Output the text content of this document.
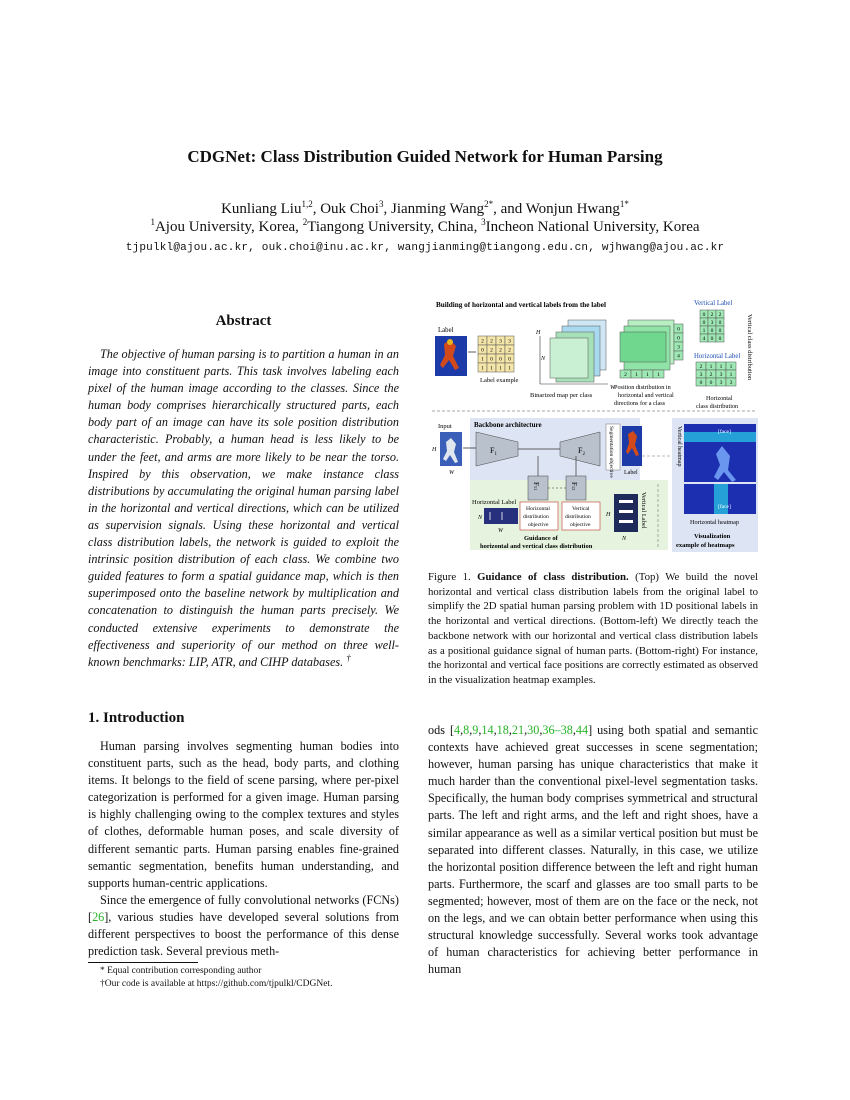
CDGNet: Class Distribution Guided Network for Human Parsing
Kunliang Liu$^{1,2}$, Ouk Choi$^3$, Jianming Wang$^{2*}$, and Wonjun Hwang$^{1*}$
$^1$Ajou University, Korea, $^2$Tiangong University, China, $^3$Incheon National University, Korea
tjpulkl@ajou.ac.kr, ouk.choi@inu.ac.kr, wangjianming@tiangong.edu.cn, wjhwang@ajou.ac.kr
Abstract

The objective of human parsing is to partition a human in an image into constituent parts. This task involves labeling each pixel of the human image according to the classes. Since the human body comprises hierarchically structured parts, each body part of an image can have its sole position distribution characteristic. Probably, a human head is less likely to be under the feet, and arms are more likely to be near the torso. Inspired by this observation, we make instance class distributions by accumulating the original human parsing label in the horizontal and vertical directions, which can be utilized as supervision signals. Using these horizontal and vertical class distribution labels, the network is guided to exploit the intrinsic position distribution of each class. We combine two guided features to form a spatial guidance map, which is then superimposed onto the baseline network by multiplication and concatenation to distinguish the human parts precisely. We conducted extensive experiments to demonstrate the effectiveness and superiority of our method on three well-known benchmarks: LIP, ATR, and CIHP databases. †

1. Introduction

Human parsing involves segmenting human bodies into constituent parts, such as the head, body parts, and clothing items. It belongs to the field of scene parsing, where per-pixel categorization is performed for a given image. Human parsing is highly challenging owing to the complex textures and styles of clothes, deformable human poses, and scale diversity of different semantic parts. Human parsing enables fine-grained semantic segmentation, benefits human understanding, and supports human-centric applications.

Since the emergence of fully convolutional networks (FCNs) [26], various studies have developed several solutions from different perspectives to boost the performance of this dense prediction task. Several previous meth-

* Equal contribution corresponding author
†Our code is available at https://github.com/tjpulkl/CDGNet.
Building of horizontal and vertical labels from the label
Label
2 2 3 3
0 2 2 2
1 0 0 0
1 1 1 1
Label example
H
N
W
Binarized map per class
2 1 1 1
0
0
3
4
Position distribution in
horizontal and vertical
directions for a class
Vertical Label
0 2 2
0 3 0
1 0 0
4 0 0	Vertical class distribution
Horizontal Label
2 1 1 1
3 2 3 1
0 0 3 3
Horizontal
class distribution
Backbone architecture
Input
H
W
$F_1$	$F_2$	Segmentation objective Label
F11
F12
Horizontal Label
N
W
Horizontal
distribution
objective
Vertical
distribution
objective
H
N
Vertical Label
Guidance of
horizontal and vertical class distribution
[face]
Vertical heatmap
[face]
Horizontal heatmap
Visualization
example of heatmaps
Figure 1. Guidance of class distribution. (Top) We build the novel horizontal and vertical class distribution labels from the original label to simplify the 2D spatial human parsing problem with 1D positional labels in the horizontal and vertical directions. (Bottom-left) We directly teach the backbone network with our horizontal and vertical class distribution labels as a positional guidance signal of human parts. (Bottom-right) For instance, the horizontal and vertical face positions are correctly estimated as observed in the visualization heatmap examples.

ods [4,8,9,14,18,21,30,36–38,44] using both spatial and semantic contexts have achieved great successes in scene segmentation; however, human parsing has unique characteristics that make it much harder than the conventional pixel-level segmentation tasks. Specifically, the human body comprises symmetrical and structural parts. The left and right arms, and the left and right shoes, have a similar appearance as well as a similar vertical position but must be separated into different classes. Naturally, in this case, we utilize the horizontal position difference between the left and right human parts. Furthermore, the scarf and glasses are too small parts to be segmented; however, most of them are on the face or the neck, not on the legs, and we can obtain better performance when using this structural knowledge successfully. Several works took advantage of human characteristics for achieving better performance in human
